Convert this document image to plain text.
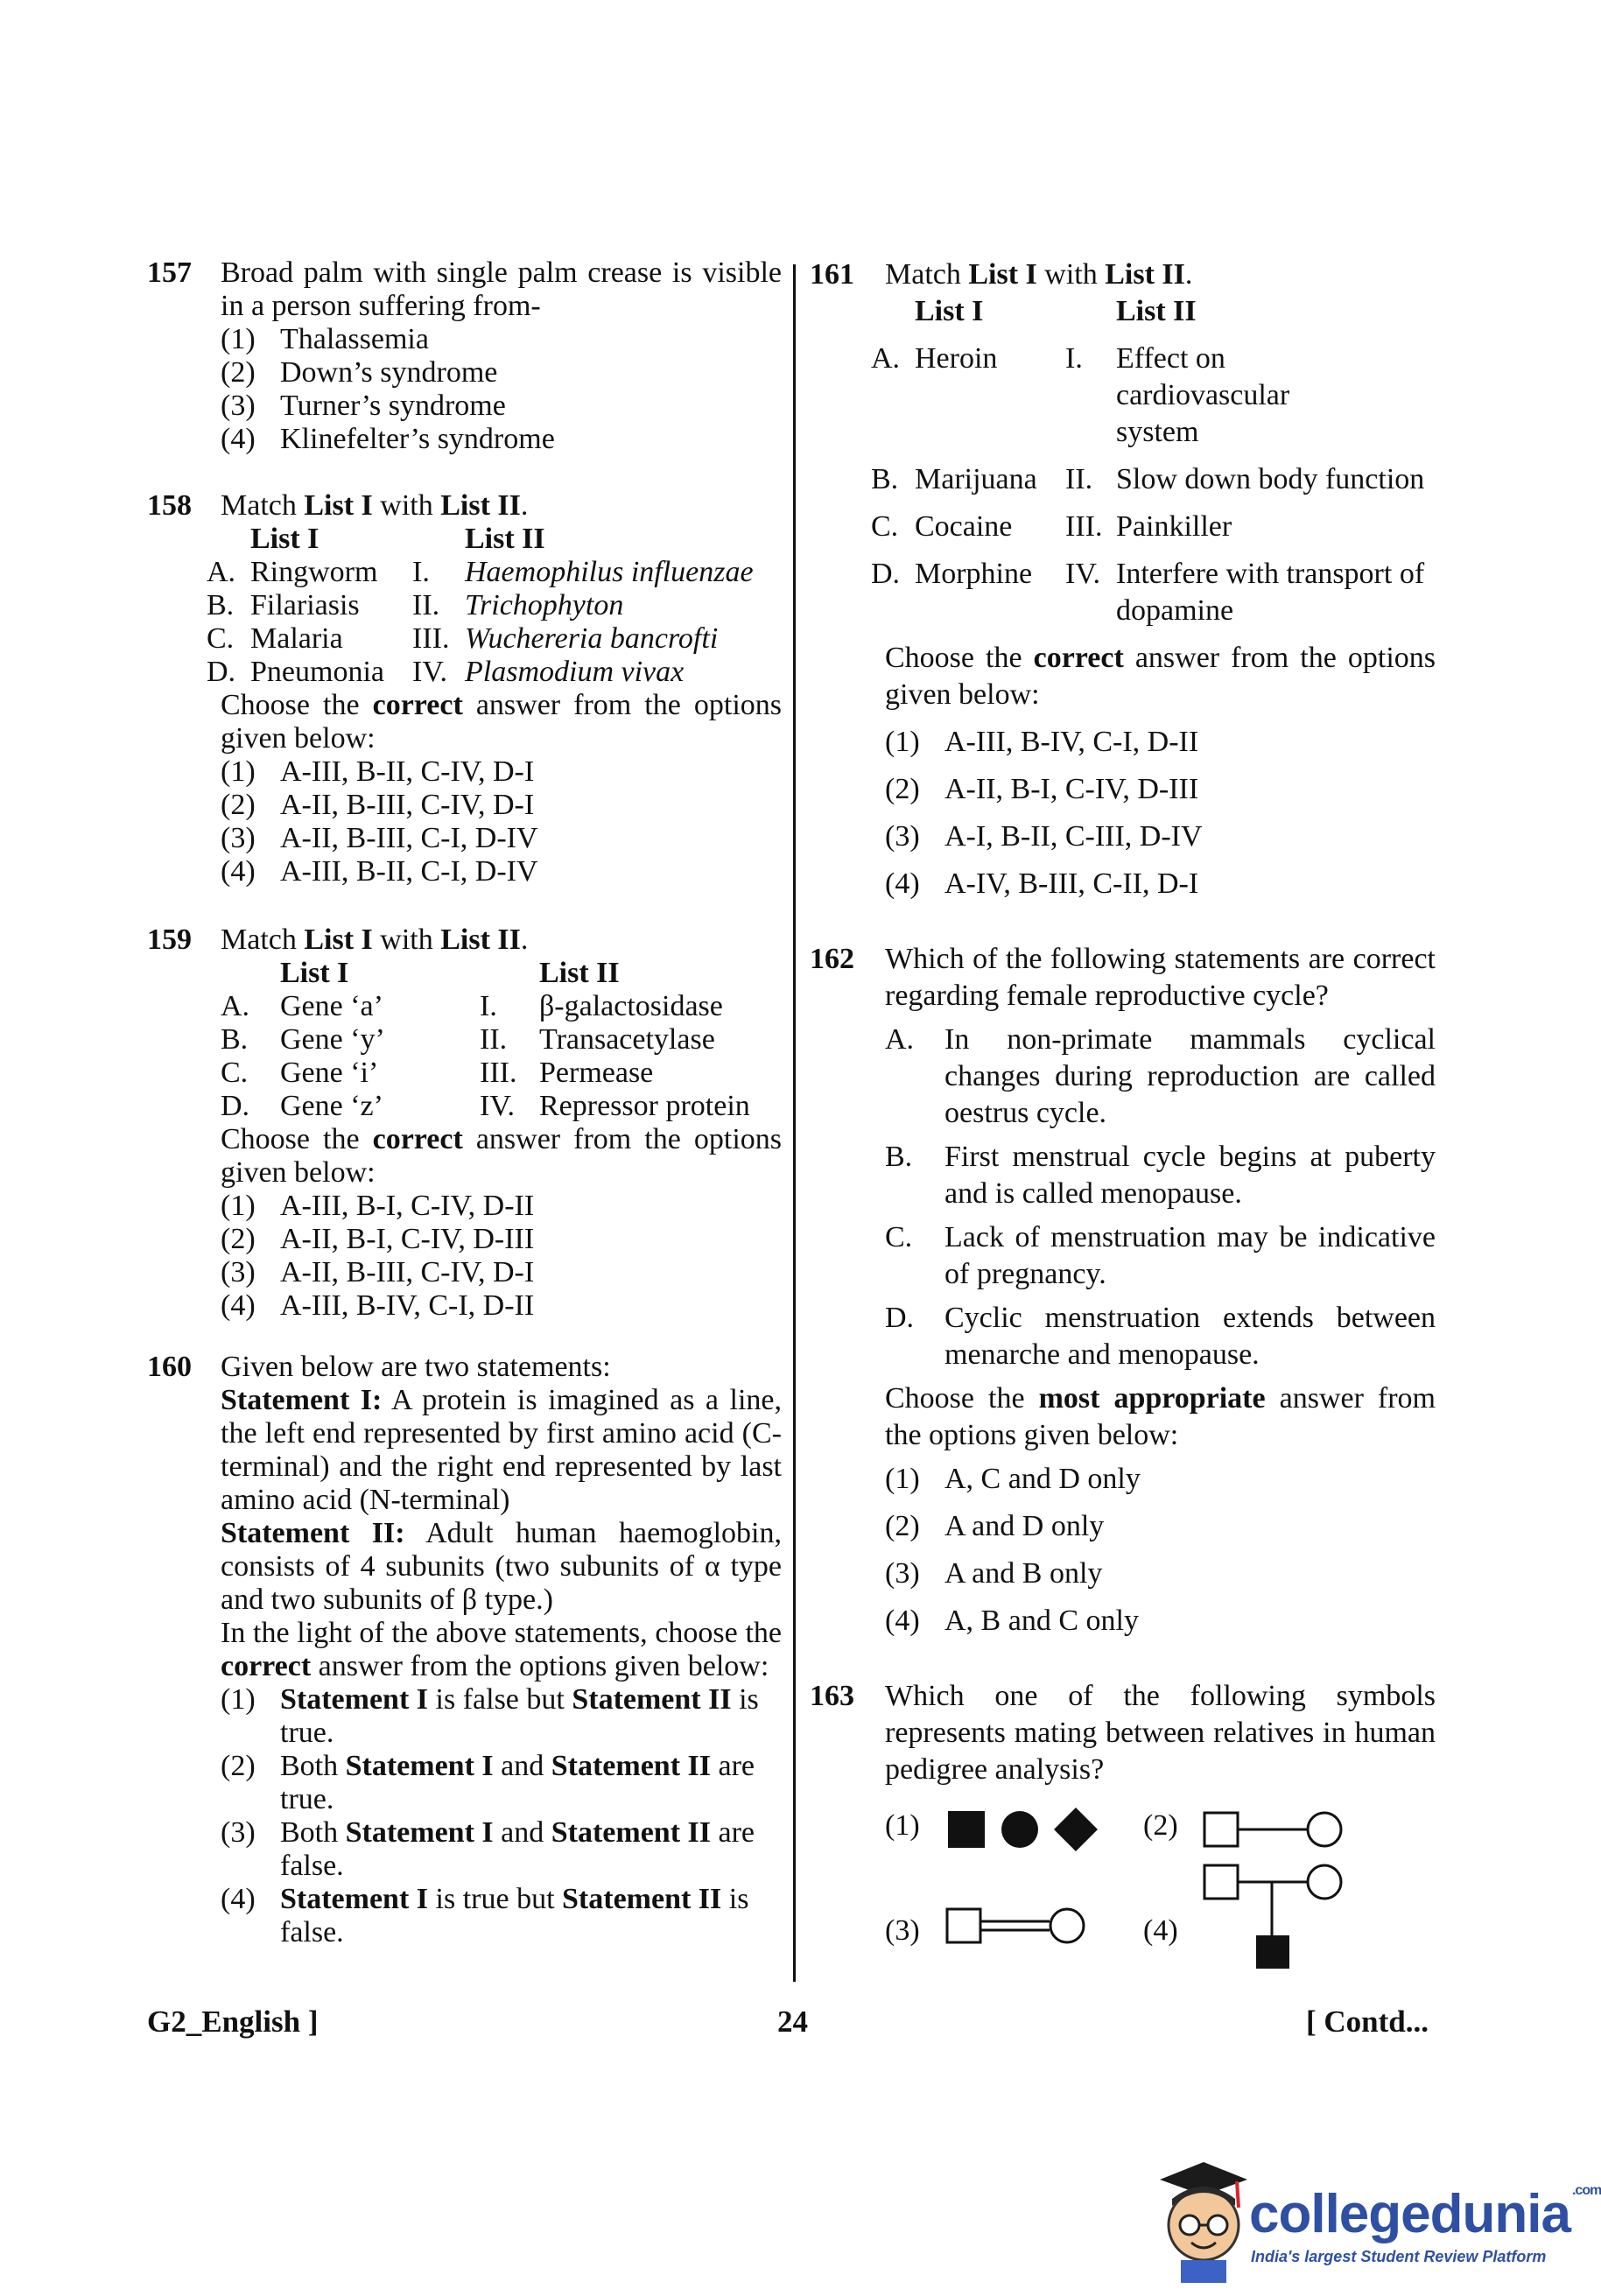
157 Broad palm with single palm crease is visible in a person suffering from-
(1) Thalassemia
(2) Down’s syndrome
(3) Turner’s syndrome
(4) Klinefelter’s syndrome
158 Match List I with List II.
	List I		List II
A.	Ringworm	I.	Haemophilus influenzae
B.	Filariasis	II.	Trichophyton
C.	Malaria	III.	Wuchereria bancrofti
D.	Pneumonia	IV.	Plasmodium vivax
Choose the correct answer from the options given below:
(1) A-III, B-II, C-IV, D-I
(2) A-II, B-III, C-IV, D-I
(3) A-II, B-III, C-I, D-IV
(4) A-III, B-II, C-I, D-IV
159 Match List I with List II.
	List I		List II
A.	Gene ‘a’	I.	β-galactosidase
B.	Gene ‘y’	II.	Transacetylase
C.	Gene ‘i’	III.	Permease
D.	Gene ‘z’	IV.	Repressor protein
Choose the correct answer from the options given below:
(1) A-III, B-I, C-IV, D-II
(2) A-II, B-I, C-IV, D-III
(3) A-II, B-III, C-IV, D-I
(4) A-III, B-IV, C-I, D-II
160 Given below are two statements:
Statement I: A protein is imagined as a line, the left end represented by first amino acid (C-terminal) and the right end represented by last amino acid (N-terminal)
Statement II: Adult human haemoglobin, consists of 4 subunits (two subunits of α type and two subunits of β type.)
In the light of the above statements, choose the correct answer from the options given below:
(1) Statement I is false but Statement II is true.
(2) Both Statement I and Statement II are true.
(3) Both Statement I and Statement II are false.
(4) Statement I is true but Statement II is false.
161 Match List I with List II.
	List I		List II
A.	Heroin	I.	Effect on cardiovascular system
B.	Marijuana	II.	Slow down body function
C.	Cocaine	III.	Painkiller
D.	Morphine	IV.	Interfere with transport of dopamine
Choose the correct answer from the options given below:
(1) A-III, B-IV, C-I, D-II
(2) A-II, B-I, C-IV, D-III
(3) A-I, B-II, C-III, D-IV
(4) A-IV, B-III, C-II, D-I
162 Which of the following statements are correct regarding female reproductive cycle?
A.	In non-primate mammals cyclical changes during reproduction are called oestrus cycle.
B.	First menstrual cycle begins at puberty and is called menopause.
C.	Lack of menstruation may be indicative of pregnancy.
D.	Cyclic menstruation extends between menarche and menopause.
Choose the most appropriate answer from the options given below:
(1) A, C and D only
(2) A and D only
(3) A and B only
(4) A, B and C only
163 Which one of the following symbols represents mating between relatives in human pedigree analysis?
(1)	(2)
(3)	(4)
G2_English ]	24	[ Contd...
collegedunia $^{.com}$
India's largest Student Review Platform
